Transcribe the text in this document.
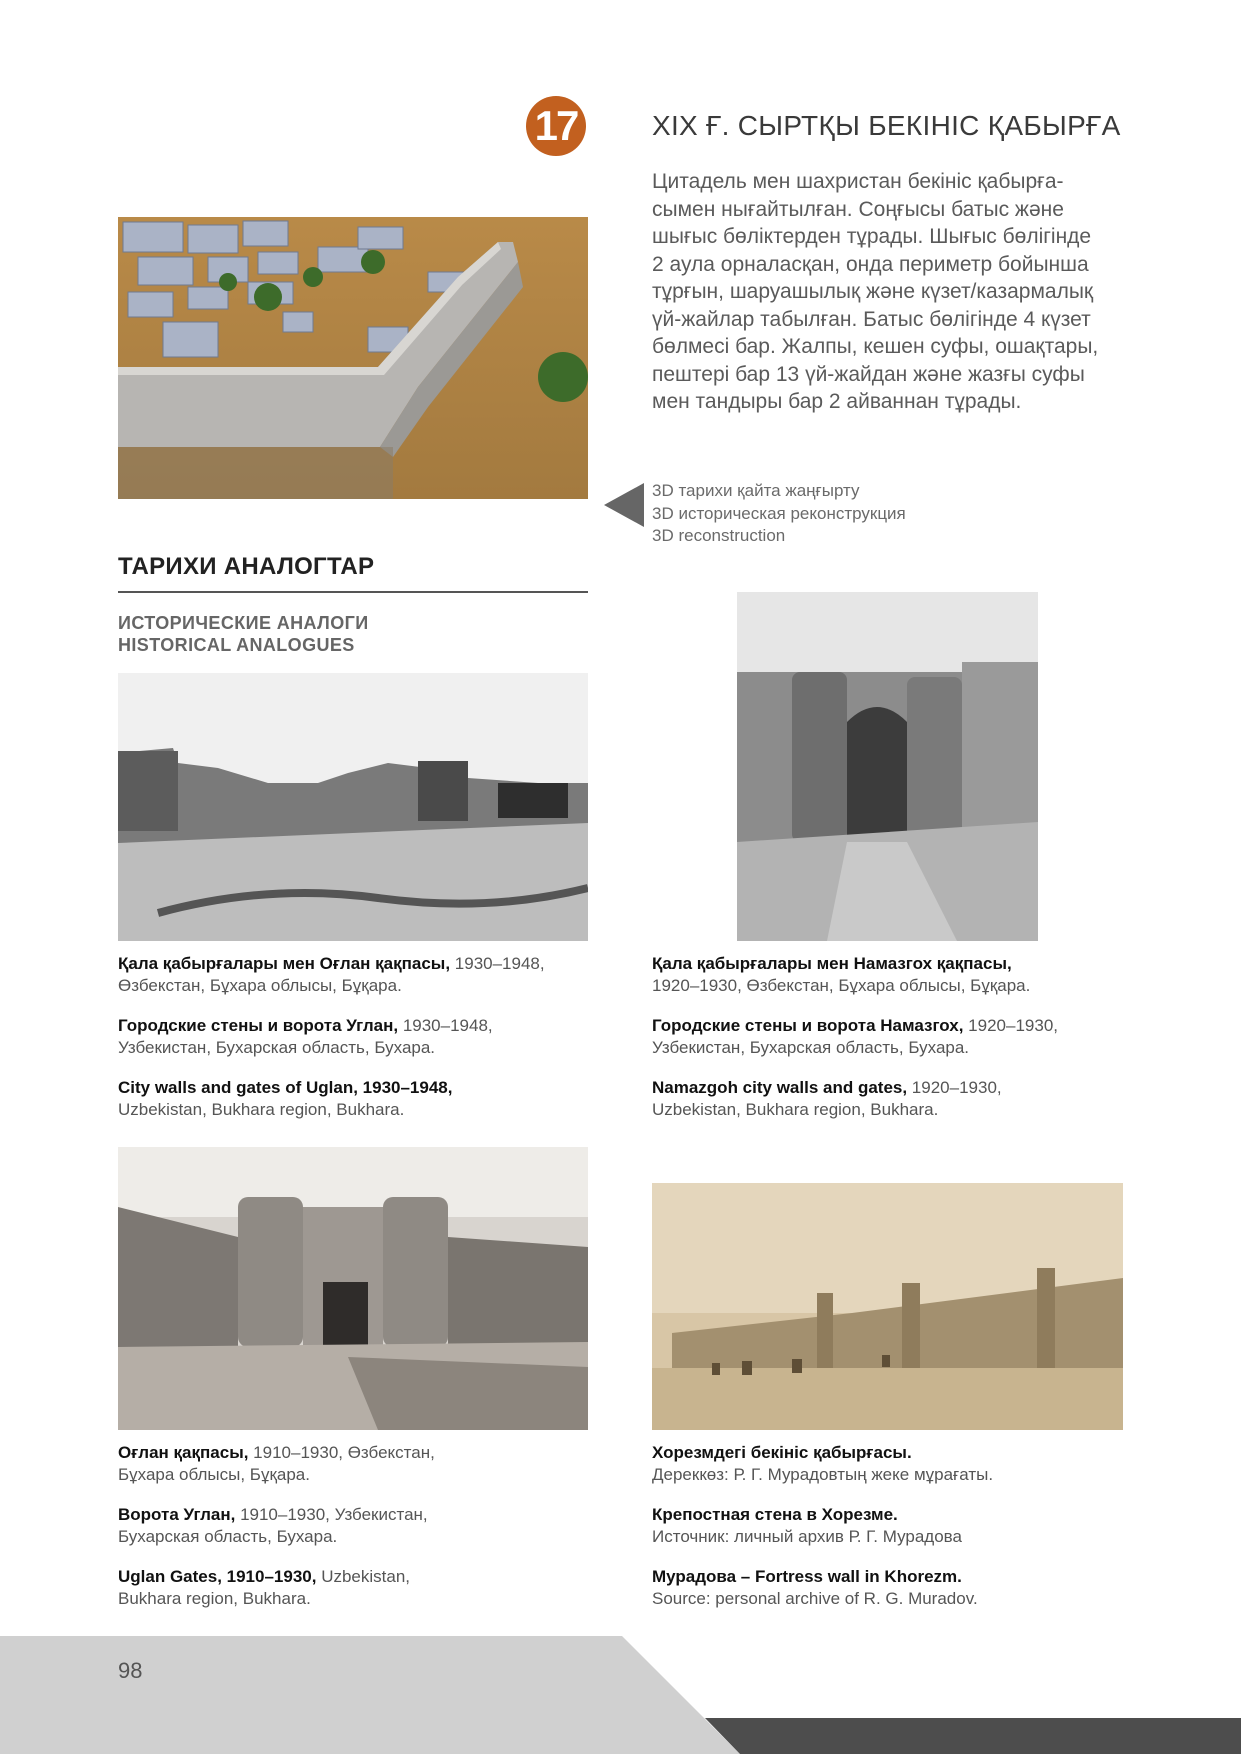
17	XIX Ғ. СЫРТҚЫ БЕКІНІС ҚАБЫРҒА
Цитадель мен шахристан бекініс қабырға-
сымен нығайтылған. Соңғысы батыс және
шығыс бөліктерден тұрады. Шығыс бөлігінде
2 аула орналасқан, онда периметр бойынша
тұрғын, шаруашылық және күзет/казармалық
үй-жайлар табылған. Батыс бөлігінде 4 күзет
бөлмесі бар. Жалпы, кешен суфы, ошақтары,
пештері бар 13 үй-жайдан және жазғы суфы
мен тандыры бар 2 айваннан тұрады.
3D тарихи қайта жаңғырту
3D историческая реконструкция
3D reconstruction
ТАРИХИ АНАЛОГТАР
ИСТОРИЧЕСКИЕ АНАЛОГИ
HISTORICAL ANALOGUES

Қала қабырғалары мен Оғлан қақпасы, 1930–1948,
Өзбекстан, Бұхара облысы, Бұқара.

Городские стены и ворота Углан, 1930–1948,
Узбекистан, Бухарская область, Бухара.

City walls and gates of Uglan, 1930–1948,
Uzbekistan, Bukhara region, Bukhara.

Қала қабырғалары мен Намазгох қақпасы,
1920–1930, Өзбекстан, Бұхара облысы, Бұқара.

Городские стены и ворота Намазгох, 1920–1930,
Узбекистан, Бухарская область, Бухара.

Namazgoh city walls and gates, 1920–1930,
Uzbekistan, Bukhara region, Bukhara.

Оғлан қақпасы, 1910–1930, Өзбекстан,
Бұхара облысы, Бұқара.

Ворота Углан, 1910–1930, Узбекистан,
Бухарская область, Бухара.

Uglan Gates, 1910–1930, Uzbekistan,
Bukhara region, Bukhara.

Хорезмдегі бекініс қабырғасы.
Дереккөз: Р. Г. Мурадовтың жеке мұрағаты.

Крепостная стена в Хорезме.
Источник: личный архив Р. Г. Мурадова

Мурадова – Fortress wall in Khorezm.
Source: personal archive of R. G. Muradov.

98
